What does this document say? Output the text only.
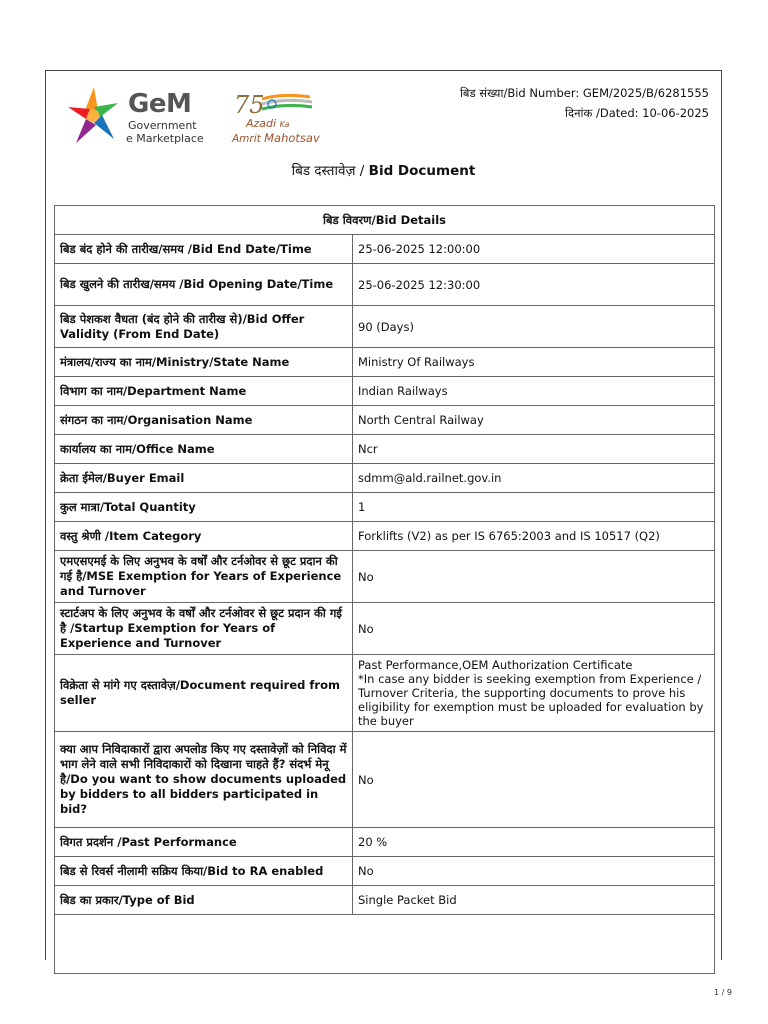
GeM
Government
e Marketplace
75
Azadi Ka
Amrit Mahotsav
बिड संख्या/Bid Number: GEM/2025/B/6281555
दिनांक /Dated: 10-06-2025
बिड दस्तावेज़ / Bid Document
बिड विवरण/Bid Details	
बिड बंद होने की तारीख/समय /Bid End Date/Time	25-06-2025 12:00:00
बिड खुलने की तारीख/समय /Bid Opening Date/Time	25-06-2025 12:30:00
बिड पेशकश वैधता (बंद होने की तारीख से)/Bid Offer Validity (From End Date)	90 (Days)
मंत्रालय/राज्य का नाम/Ministry/State Name	Ministry Of Railways
विभाग का नाम/Department Name	Indian Railways
संगठन का नाम/Organisation Name	North Central Railway
कार्यालय का नाम/Office Name	Ncr
क्रेता ईमेल/Buyer Email	sdmm@ald.railnet.gov.in
कुल मात्रा/Total Quantity	1
वस्तु श्रेणी /Item Category	Forklifts (V2) as per IS 6765:2003 and IS 10517 (Q2)
एमएसएमई के लिए अनुभव के वर्षों और टर्नओवर से छूट प्रदान की गई है/MSE Exemption for Years of Experience and Turnover	No
स्टार्टअप के लिए अनुभव के वर्षों और टर्नओवर से छूट प्रदान की गई है /Startup Exemption for Years of Experience and Turnover	No
विक्रेता से मांगे गए दस्तावेज़/Document required from seller	Past Performance,OEM Authorization Certificate
*In case any bidder is seeking exemption from Experience / Turnover Criteria, the supporting documents to prove his eligibility for exemption must be uploaded for evaluation by the buyer
क्या आप निविदाकारों द्वारा अपलोड किए गए दस्तावेज़ों को निविदा में भाग लेने वाले सभी निविदाकारों को दिखाना चाहते हैं? संदर्भ मेनू है/Do you want to show documents uploaded by bidders to all bidders participated in bid?	No
विगत प्रदर्शन /Past Performance	20 %
बिड से रिवर्स नीलामी सक्रिय किया/Bid to RA enabled	No
बिड का प्रकार/Type of Bid	Single Packet Bid

1 / 9
